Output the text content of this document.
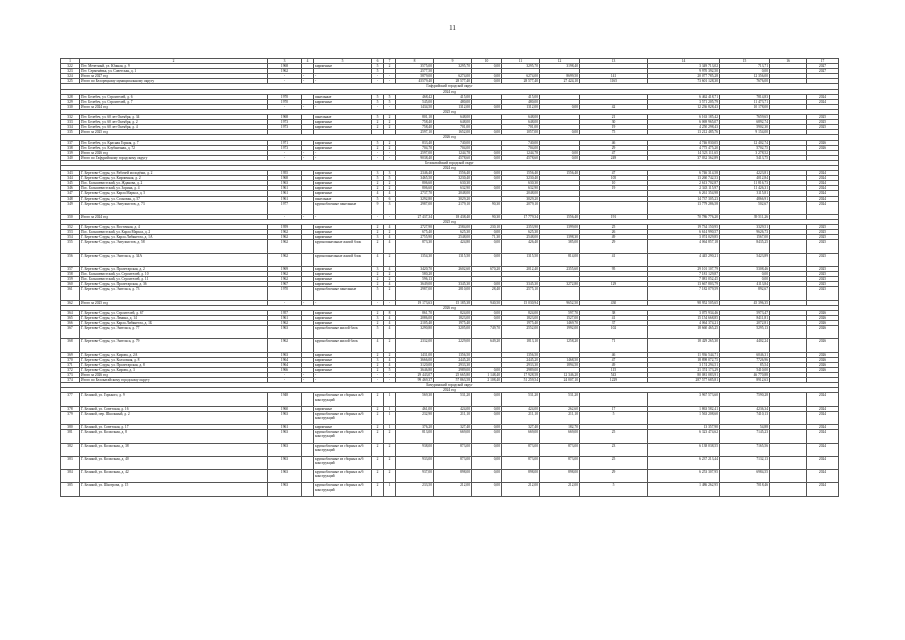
11
1	2	3	4	5	6	7	8	9	10	11	12	13	14	15	16	17
322	Пгт. Мечетный, ул. Южная, д. 9	1968		кирпичные	5	2	3575,00	3295,70	0,00	3295,70	3198,40		3 349 713,02	713,71		2027
323	Пгт. Серменёвка, ул. Советская, д. 1	1962			5		2577,50						9 970 392,50	0,00		2027
324	Итого за 2027 год	-	-	-	-	-	5879,00	6274,00	0,00	6274,00	8699,50	141	20 077 785,28	12 356,00		
325	Итого по Белорецкому муниципальному округу	-	-	-	-	-	45579,40	28 577,40	0,00	28 577,40	27 424,10	1165	73 601 128,30	7676,00		
Гафурийский городской округ																
2024 год																
328	Пгт. Белебеч, ул. Строителей, д. 6	1970		панельные	5	5	468,42	415,00		415,00			6 462 418,71	7814,83		2024
329	Пгт. Белебеч, ул. Строителей, д. 7	1970		кирпичные	5	5	545,00	480,00		480,00			3 571 205,79	11 473,71		2024
330	Итого за 2024 год	-	-	-	-	-	1434,50	1312,00	0,00	1312,00	0,00	42	12 236 828,43	10 178,00		
2025 год																
332	Пгт. Белебеч, ул. 60 лет Октября, д. 34	1968		панельные	5	2	801,10	648,00		648,00		21	6 163 185,42	7659,65		2025
333	Пгт. Белебеч, ул. 60 лет Октября, д. 2	1973		кирпичные	2	2	758,40	648,00		648,00		30	6 069 965,07	6892,74		2025
334	Пгт. Белебеч, ул. 60 лет Октября, д. 4	1973		кирпичные	2	2	758,40	701,00		701,00		19	4 250 298,43	5902,30		2025
335	Итого за 2025 год						2597,10	1652,00	0,00	1057,00	0,00	75	13 212 485,76	9 154,00		
2026 год																
337	Пгт. Белебеч, ул. Красная Горная, д. 7	1971		кирпичные	5	2	833,40	740,00		740,00		46	4 746 830,05	12 402,74		2026
338	Пгт. Белебеч, ул. Клубничная, д. 72	1973		кирпичные	2	2	704,70	704,00		704,00		29	4 775 475,20	5702,75		2026
339	Итого за 2026 год	-	-	-	-	-	2597,00	1244,78	0,00	1244,78	0,00	47	14 523 111,65	3 278,52		
340	Итого по Гафурийскому городскому округу	-	-	-	-	-	9038,40	4578,60	0,00	4578,60	0,00	249	37 032 362,89	5413,75		
Белокатайский городской округ																
2024 год																
343	Г. Березово-Слуды, ул. Рабочей молодёжи, д. 2	1955		кирпичные	3	3	2346,40	1556,40	0,00	1556,40	1556,40	47	6 746 314,58	4223,81		2024
344	Г. Березово-Слуды, ул. Кирпичная, д. 2	1968		кирпичные	5	5	3465,50	3230,40	0,00	3230,40		105	13 260 742,53	4012,84		2024
345	Пос. Большевистский, ул. Жданова, д. 2	1963		кирпичные	2	2	806,60	630,30		630,30		10	2 613 702,87	11 816,73		2024
346	Пос. Большевистский, ул. Зорина, д. 4	1961		кирпичные	2	2	806,60	632,90	0,00	632,90		19	2 343 115,97	11 426,31		2024
347	Г. Березово-Слуды, ул. Карла Маркса, д. 5	1961		кирпичные	4	4	2737,70	2048,00		2048,00			6 261 354,98	3115,81		2024
348	Г. Березово-Слуды, ул. Сосновая, д. 57	1961		панельные	5	6	3292,80	3029,20		3029,20			14 737 305,23	4866,91		2024
349	Г. Березово-Слуды, ул. Энтузиастов, д. 73	1977		крупноблочные панельные	9	3	2987,00	2179,10	90,30	2079,10			13 779 286,58	502,67		2024
350	Итого за 2024 год	-	-	-	-	-	27 437,34	18 438,40	90,30	17 779,34	1556,40	191	70 786 776,20	39 511,26		
2025 год																
352	Г. Березово-Слуды, ул. Восточная, д. 4	1959		кирпичные	2	4	2727,90	2584,00	230,10	2353,90	1399,00	25	19 734 150,95	3329,51		2025
353	Пос. Большевистский, ул. Карла Маркса, д. 2	1962		кирпичные	2	2	675,40	625,30	0,00	625,30		26	6 614 990,57	9626,73		2025
354	Г. Березово-Слуды, ул. Карла Либкнехта, д. 1А	1962		кирпичные	3	4	2755,90	2548,00	71,30	2548,00	1398,30	49	3 074 029,85	1567,00		2025
355	Г. Березово-Слуды, ул. Энтузиастов, д. 58	1962		крупнопанельные жилой блок	2	4	873,30	424,80	0,00	426,40	385,00	29	4 064 857,18	8435,25		2025
356	Г. Березово-Слуды, ул. Энгельса, д. 34А	1962		крупнопанельные жилой блок	4	2	1354,30	1315,50	0,00	1315,50	814,00	41	4 445 290,21	5423,89		2025
357	Г. Березово-Слуды, ул. Пролетарская, д. 2	1969		кирпичные	3	4	3420,70	2602,60	670,20	2012,40	2355,60	95	29 101 107,79	5308,46		2025
358	Пос. Большевистский, ул. Строителей, д. 10	1962		кирпичные	2	2	580,20						7 181 129,87	0,00		2025
359	Пос. Большевистский, ул. Строителей, д. 11	1962		кирпичные	2	2	596,13						7 081 052,45	0,00		2025
360	Г. Березово-Слуды, ул. Пролетарская, д. 36	1967		кирпичные	2	4	3649,00	3345,30	0,00	3345,30	3272,80	129	13 667 803,79	4113,84		2025
361	Г. Березово-Слуды, ул. Энгельса, д. 73	1970		крупноблочные панельные	5	2	2987,00	2810,00	28,40	2575,10			7 182 079,59	892,67		2025
362	Итого за 2025 год	-	-	-	-	-	19 173,63	15 185,38	940,50	15 030,94	9652,50	430	98 952 505,65	45 396,35		
2026 год																
364	Г. Березово-Слуды, ул. Строителей, д. 67	1957		кирпичные	2	8	861,70	824,00	0,00	824,00	597,70	38	3 075 934,46	5973,47		2026
365	Г. Березово-Слуды, ул. Ленина, д. 14	1961		кирпичные	3	4	2086,00	1823,00	0,00	1823,00	1527,00	41	15 154 668,85	8411,81		2026
366	Г. Березово-Слуды, ул. Карла Либкнехта, д. 1Б	1962		кирпичные	2	4	2105,40	1975,40		1975,40	1469,70	37	4 064 374,21	2072,81		2026
367	Г. Березово-Слуды, ул. Энгельса, д. 77	1963		крупноблочные жилой блок	5	4	3290,80	3205,00	749,70	2552,00	1992,00	102	18 660 465,25	5295,13		2026
368	Г. Березово-Слуды, ул. Энгельса, д. 79	1962		крупноблочные жилой блок	4	2	2332,00	2229,00	649,20	1813,10	1258,20	71	18 429 265,30	4402,24		2026
369	Г. Березово-Слуды, ул. Кирова, д. 2А	1963		кирпичные	2	2	1431,00	1356,50		1356,50		46	11 936 544,71	6046,31		2026
370	Г. Березово-Слуды, ул. Колхозная, д. 8	1964		кирпичные	3	4	3666,00	2445,20		2445,20	1468,50	47	18 898 072,75	7726,96		2026
371	Г. Березово-Слуды, ул. Пролетарская, д. 8	1964		кирпичные	2	4	3120,00	2933,30		2933,30	1894,50	49	3 174 294,51	85,54		2026
372	Г. Березово-Слуды, ул. Кирова, д. 3	1966		кирпичные	2	5	3646,80	2989,00	0,00	2989,00		115	21 374 173,29	5410,00		2026
373	Итого за 2026 год	-	-	-	-	-	29 443,07	25 665,80	1 148,40	17 928,58	12 346,20	543	80 081 083,91	46 770,88		
374	Итого по Белокатайскому городскому округу	-	-	-	-	-	99 469,37	57 863,58	2 108,40	51 259,54	24 007,10	1229	287 577 685,81	8912,63		
Бичуринский городской округ																
2024 год																
377	Г. Белякой, ул. Горького, д. 9	1948		крупноблочные из сборных ж/б конструкций	2	1	569,30	531,20	0,00	531,20	531,20		3 967 573,60	7590,28		2024
378	Г. Белякой, ул. Советская, д. 16	1960		кирпичные	2	1	461,00	424,00	0,00	424,00	262,60	17	1 863 582,41	4236,34		2024
379	Г. Белякой, пер. Школьный, д. 2	1963		крупноблочные из сборных ж/б конструкций	2	1	232,90	211,10	0,00	211,10	211,10	5	1 563 208,60	7410,13		2024
380	Г. Белякой, ул. Советская, д. 17	1961		кирпичные	2	1	376,20	327,40	0,00	327,40	182,70		13 357,90	54,88		2024
381	Г. Белякой, ул. Колхозная, д. 8	1963		крупноблочные из сборных ж/б конструкций	2	2	813,00	669,00	0,00	669,00	669,00	25	6 323 474,62	7145,23		2024
382	Г. Белякой, ул. Колхозная, д. 38	1963		крупноблочные из сборных ж/б конструкций	2	2	938,00	873,00	0,00	873,00	873,00	23	6 138 038,55	7165,56		2024
383	Г. Белякой, ул. Колхозная, д. 40	1963		крупноблочные из сборных ж/б конструкций	2	2	933,00	873,00	0,00	873,00	873,00	25	6 237 213,44	7132,13		2024
384	Г. Белякой, ул. Колхозная, д. 42	1963		крупноблочные из сборных ж/б конструкций	2	2	937,00	898,00	0,00	898,00	898,00	29	6 253 307,95	6984,55		2024
385	Г. Белякой, ул. Шкотрова, д. 15	1963		крупноблочные из сборных ж/б конструкций	2	1	233,50	212,00	0,00	212,00	212,00	5	1 486 262,95	7018,46		2024
